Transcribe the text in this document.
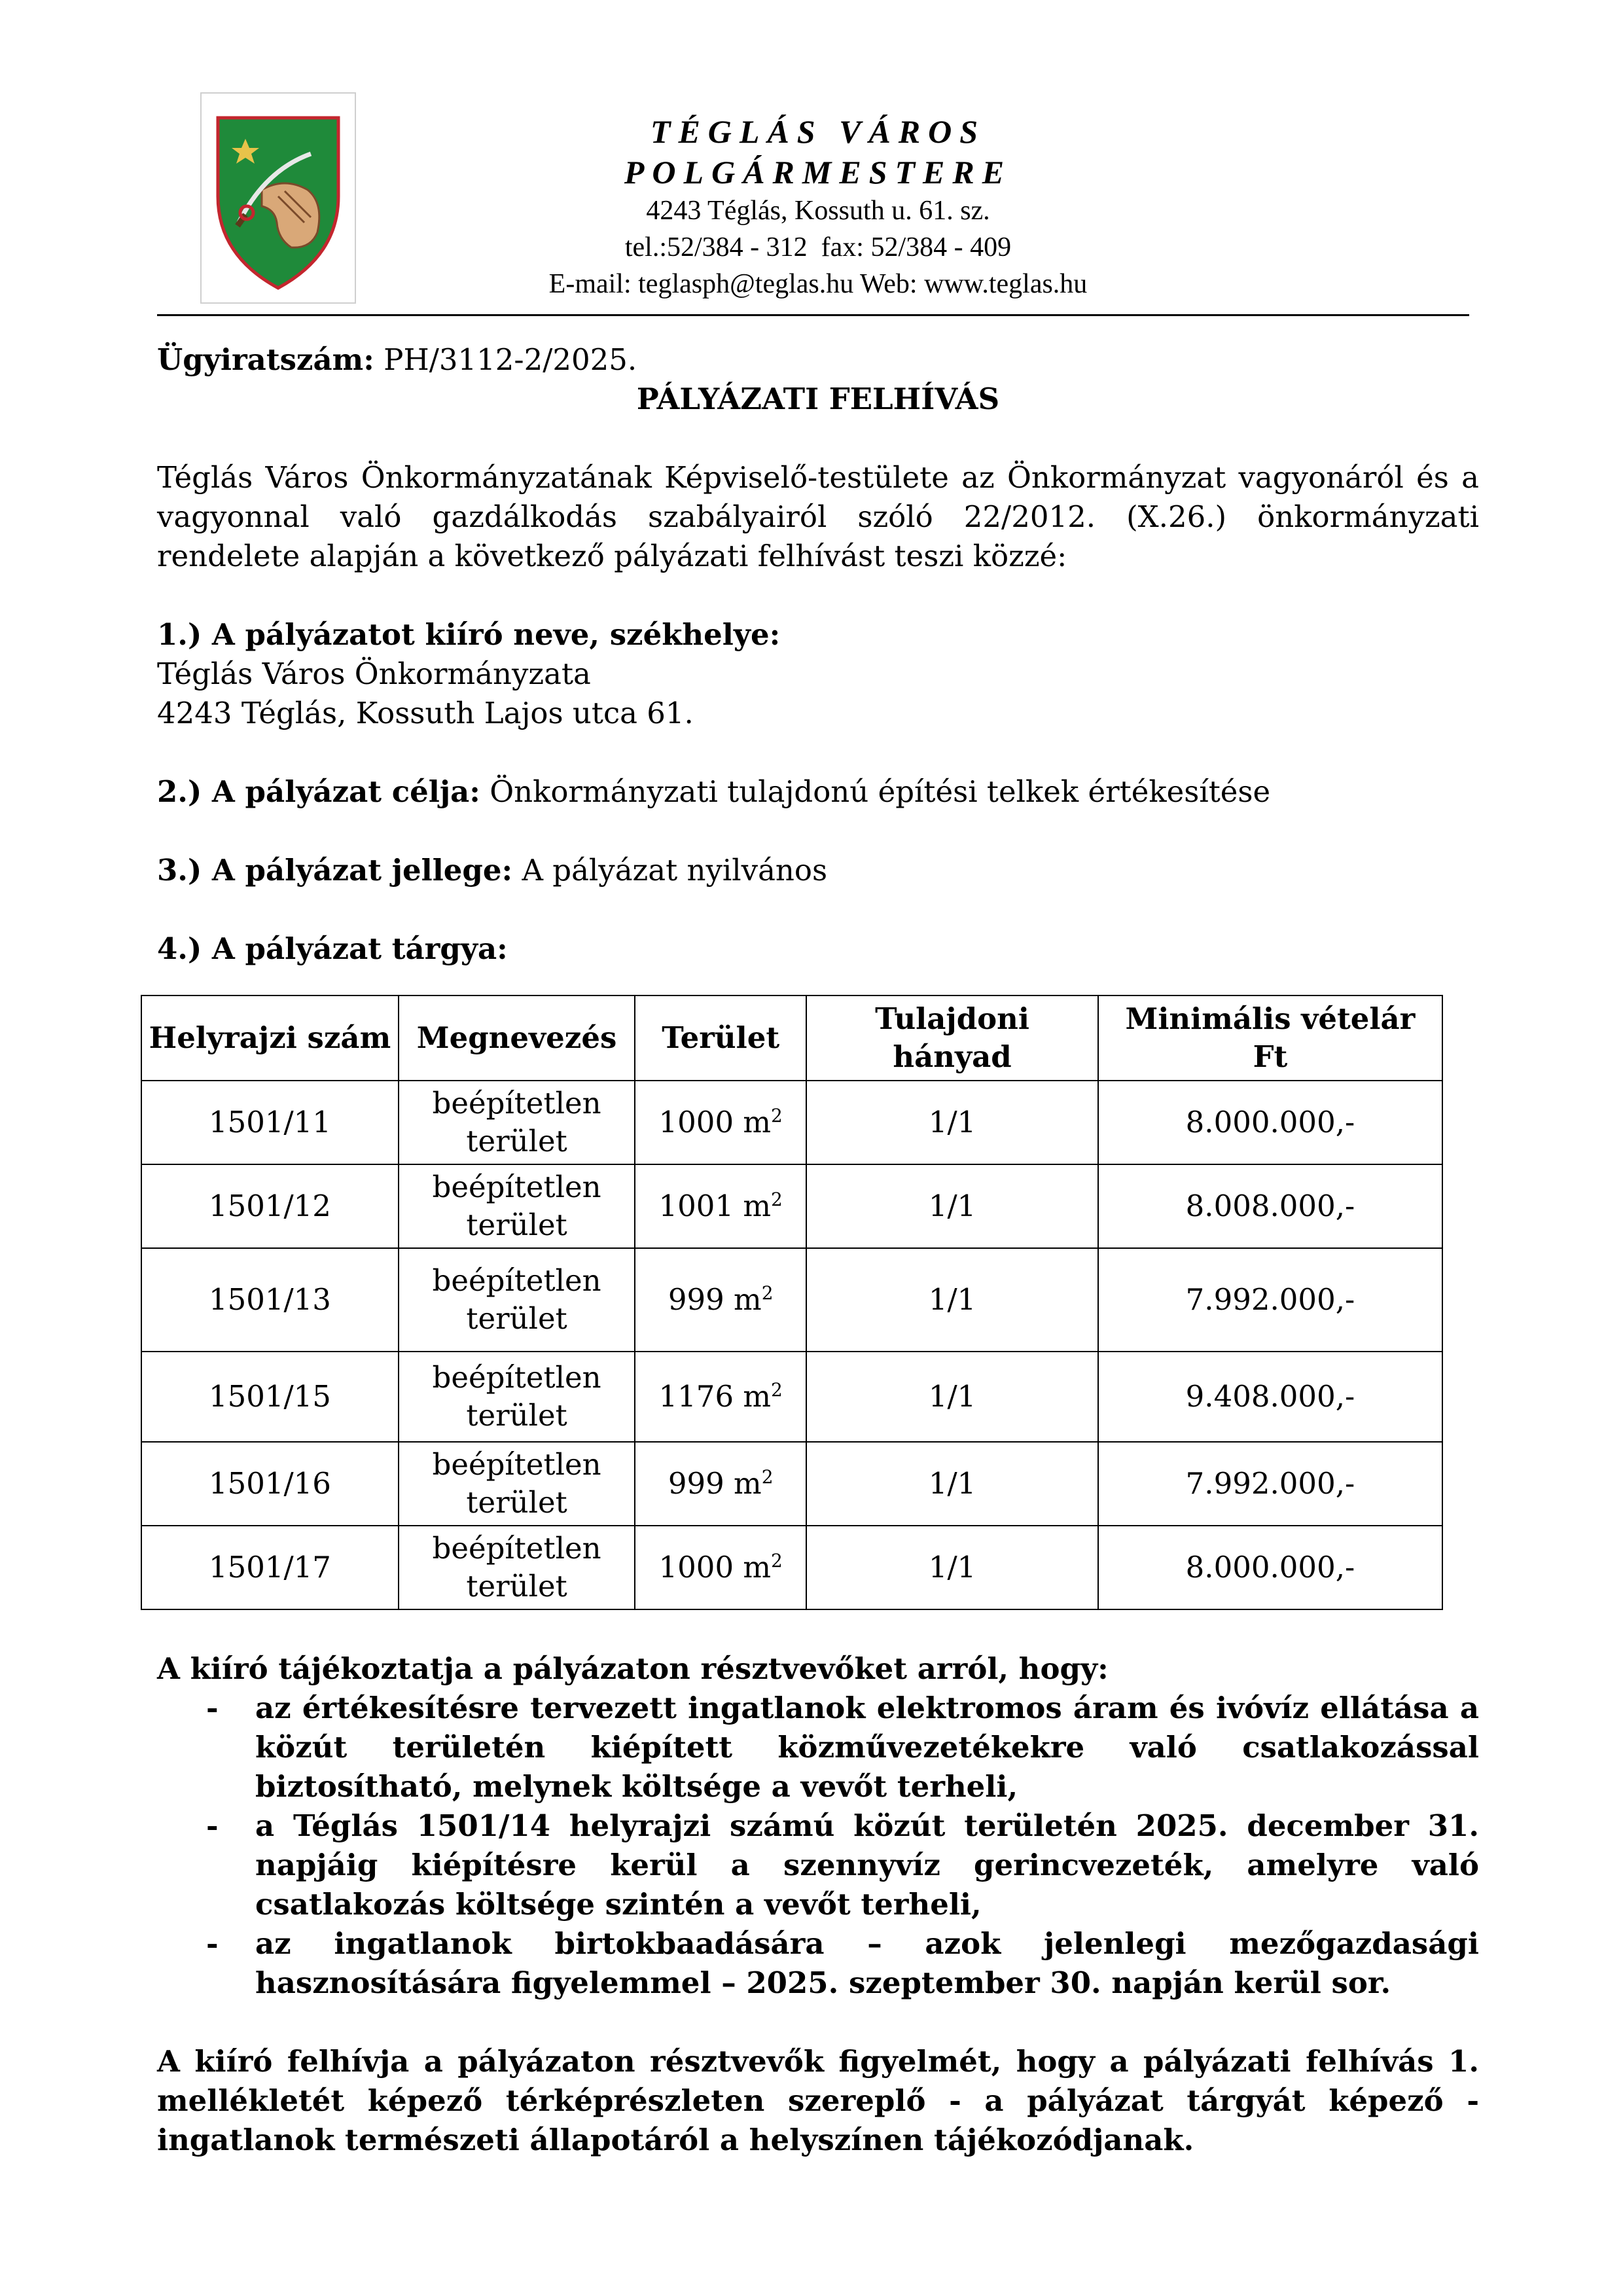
TÉGLÁS VÁROS
POLGÁRMESTERE
4243 Téglás, Kossuth u. 61. sz.
tel.:52/384 - 312  fax: 52/384 - 409
E-mail: teglasph@teglas.hu Web: www.teglas.hu

Ügyiratszám: PH/3112-2/2025.

PÁLYÁZATI FELHÍVÁS

Téglás Város Önkormányzatának Képviselő-testülete az Önkormányzat vagyonáról és a vagyonnal való gazdálkodás szabályairól szóló 22/2012. (X.26.) önkormányzati rendelete alapján a következő pályázati felhívást teszi közzé:

1.) A pályázatot kiíró neve, székhelye:

Téglás Város Önkormányzata

4243 Téglás, Kossuth Lajos utca 61.

2.) A pályázat célja: Önkormányzati tulajdonú építési telkek értékesítése

3.) A pályázat jellege: A pályázat nyilvános

4.) A pályázat tárgya:

Helyrajzi szám	Megnevezés	Terület	Tulajdoni hányad	Minimális vételár
Ft

1501/11	beépítetlen
terület	1000 $m^2$	1/1	8.000.000,-
1501/12	beépítetlen
terület	1001 $m^2$	1/1	8.008.000,-
1501/13	beépítetlen
terület	999 $m^2$	1/1	7.992.000,-
1501/15	beépítetlen
terület	1176 $m^2$	1/1	9.408.000,-
1501/16	beépítetlen
terület	999 $m^2$	1/1	7.992.000,-
1501/17	beépítetlen
terület	1000 $m^2$	1/1	8.000.000,-

A kiíró tájékoztatja a pályázaton résztvevőket arról, hogy:

- az értékesítésre tervezett ingatlanok elektromos áram és ivóvíz ellátása a közút területén kiépített közművezetékekre való csatlakozással biztosítható, melynek költsége a vevőt terheli,
- a Téglás 1501/14 helyrajzi számú közút területén 2025. december 31. napjáig kiépítésre kerül a szennyvíz gerincvezeték, amelyre való csatlakozás költsége szintén a vevőt terheli,
- az ingatlanok birtokbaadására – azok jelenlegi mezőgazdasági hasznosítására figyelemmel – 2025. szeptember 30. napján kerül sor.

A kiíró felhívja a pályázaton résztvevők figyelmét, hogy a pályázati felhívás 1. mellékletét képező térképrészleten szereplő - a pályázat tárgyát képező - ingatlanok természeti állapotáról a helyszínen tájékozódjanak.
